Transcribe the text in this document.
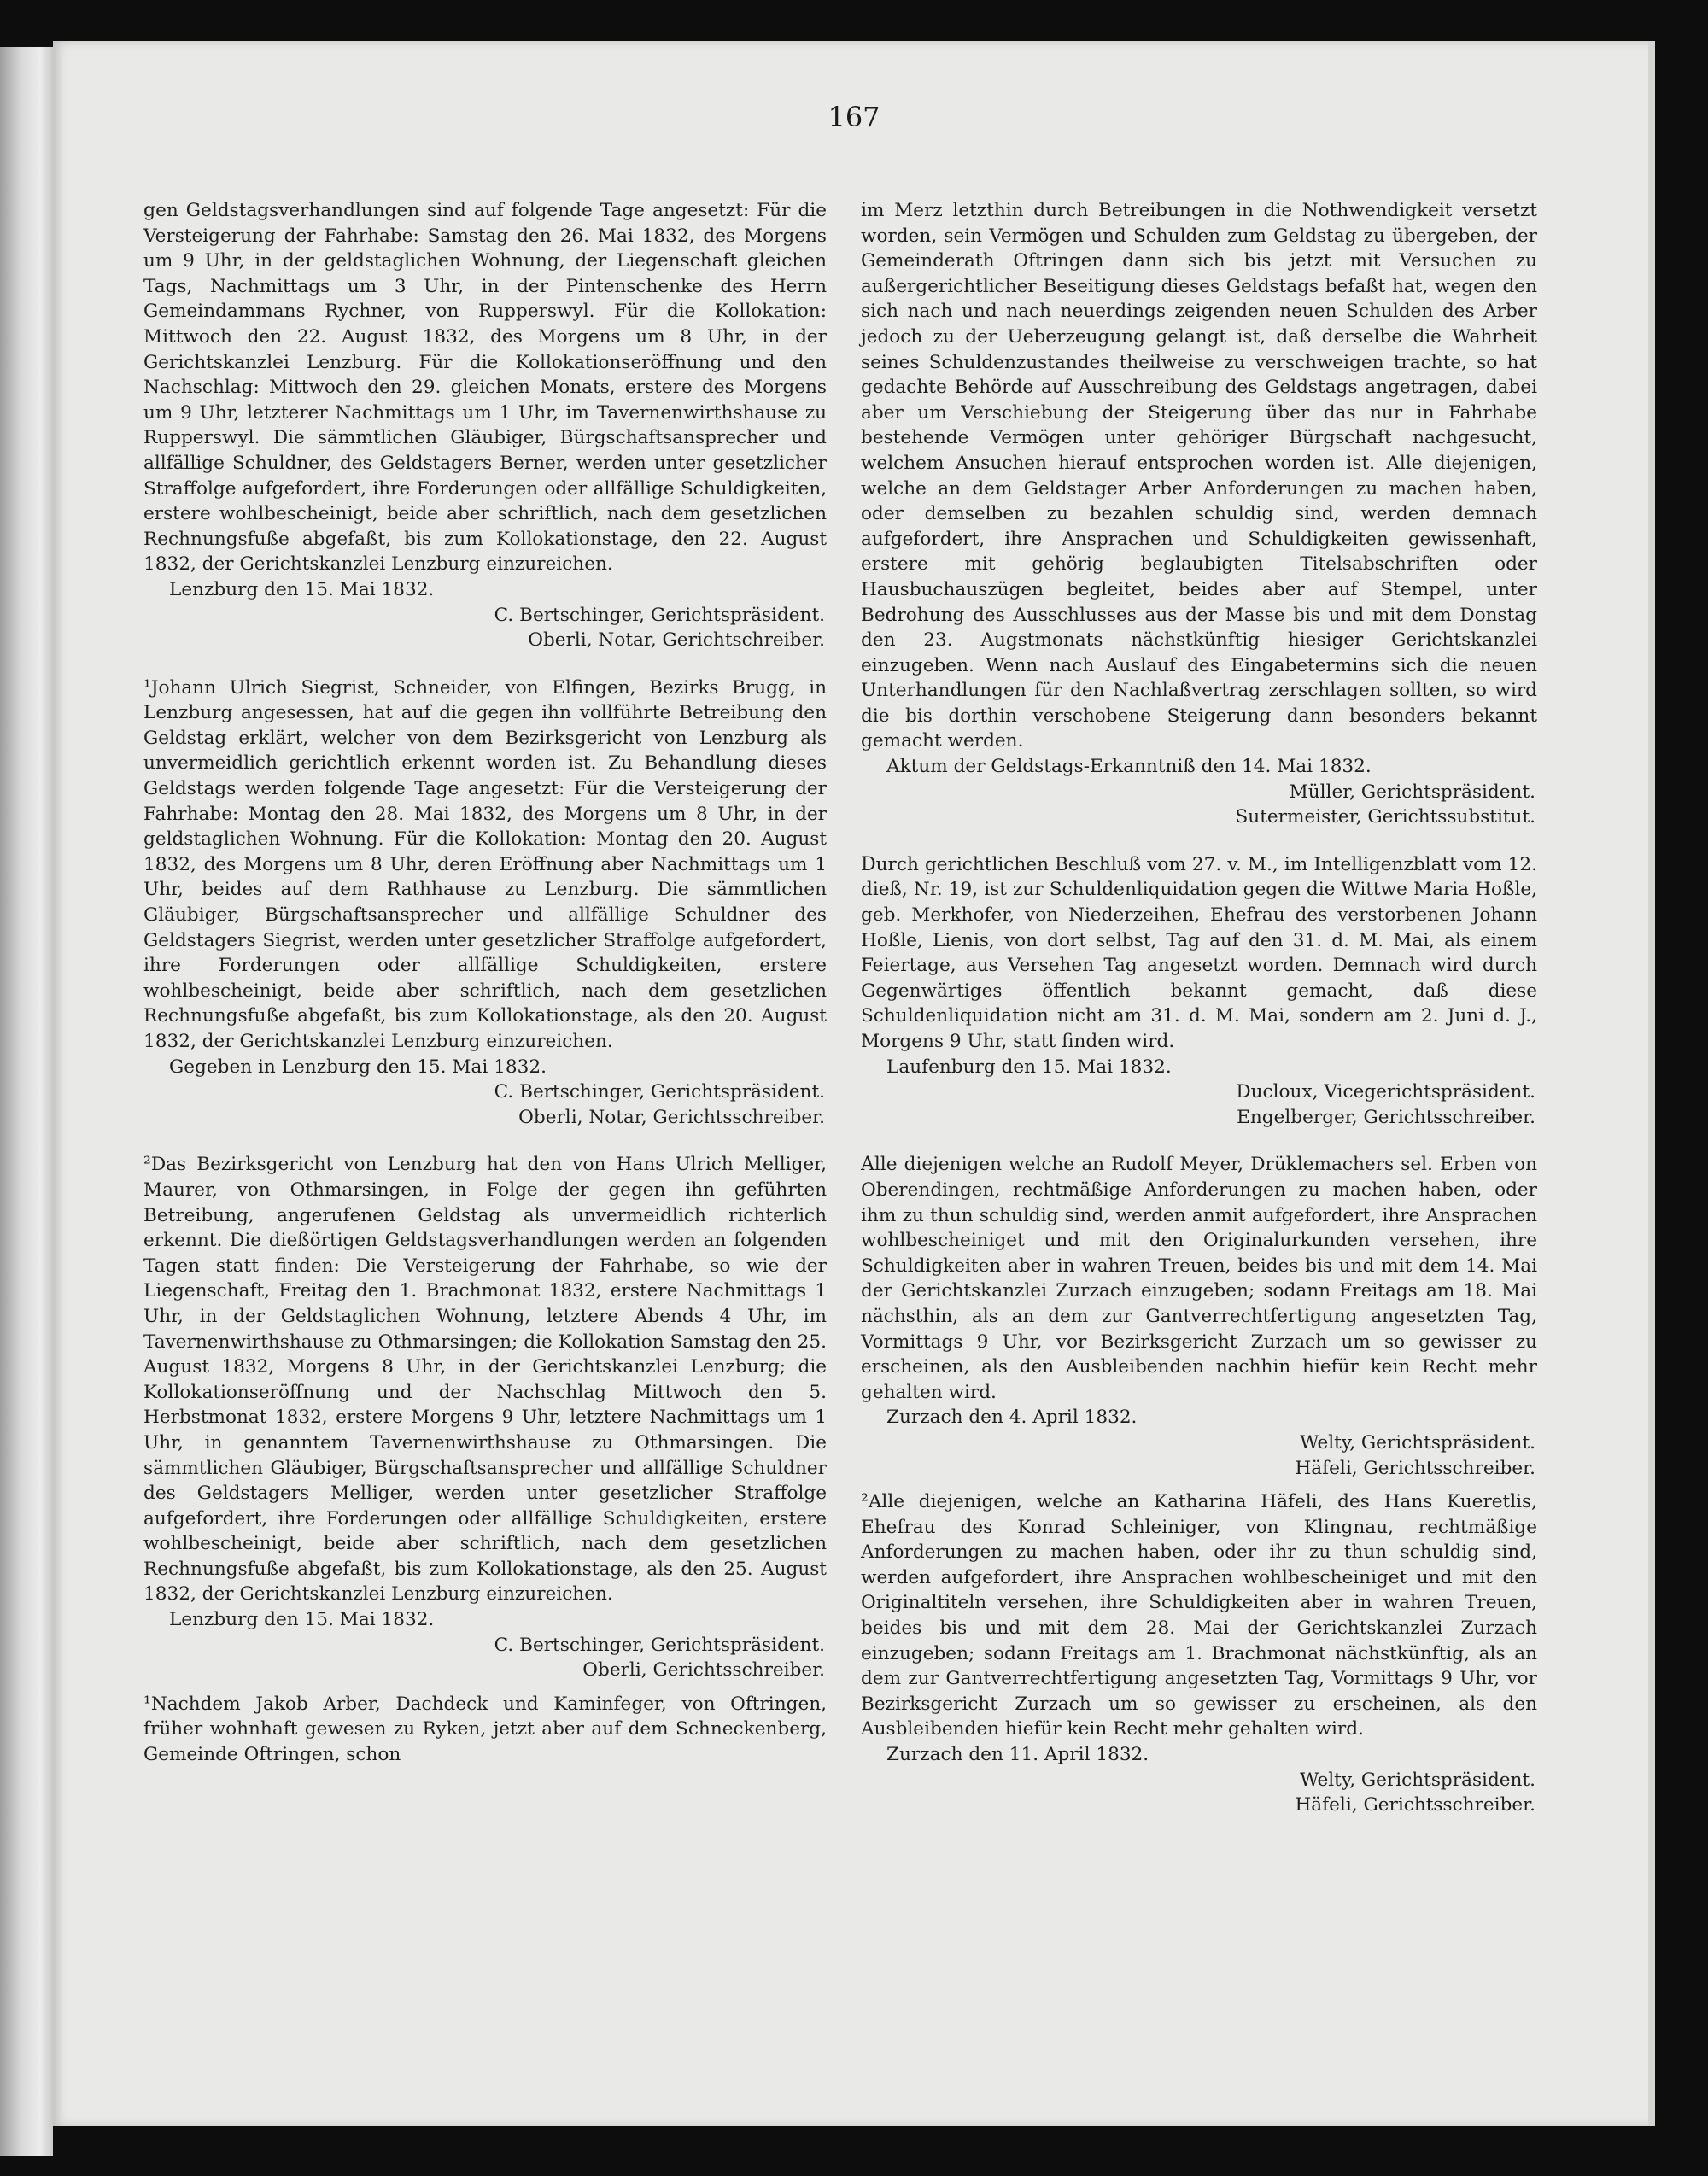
167

gen Geldstagsverhandlungen sind auf folgende Tage angesetzt: Für die Versteigerung der Fahrhabe: Samstag den 26. Mai 1832, des Morgens um 9 Uhr, in der geldstaglichen Wohnung, der Liegenschaft gleichen Tags, Nachmittags um 3 Uhr, in der Pintenschenke des Herrn Gemeindammans Rychner, von Rupperswyl. Für die Kollokation: Mittwoch den 22. August 1832, des Morgens um 8 Uhr, in der Gerichtskanzlei Lenzburg. Für die Kollokationseröffnung und den Nachschlag: Mittwoch den 29. gleichen Monats, erstere des Morgens um 9 Uhr, letzterer Nachmittags um 1 Uhr, im Tavernenwirthshause zu Rupperswyl. Die sämmtlichen Gläubiger, Bürgschaftsansprecher und allfällige Schuldner, des Geldstagers Berner, werden unter gesetzlicher Straffolge aufgefordert, ihre Forderungen oder allfällige Schuldigkeiten, erstere wohlbescheinigt, beide aber schriftlich, nach dem gesetzlichen Rechnungsfuße abgefaßt, bis zum Kollokationstage, den 22. August 1832, der Gerichtskanzlei Lenzburg einzureichen.

Lenzburg den 15. Mai 1832.

C. Bertschinger, Gerichtspräsident.

Oberli, Notar, Gerichtschreiber.

¹Johann Ulrich Siegrist, Schneider, von Elfingen, Bezirks Brugg, in Lenzburg angesessen, hat auf die gegen ihn vollführte Betreibung den Geldstag erklärt, welcher von dem Bezirksgericht von Lenzburg als unvermeidlich gerichtlich erkennt worden ist. Zu Behandlung dieses Geldstags werden folgende Tage angesetzt: Für die Versteigerung der Fahrhabe: Montag den 28. Mai 1832, des Morgens um 8 Uhr, in der geldstaglichen Wohnung. Für die Kollokation: Montag den 20. August 1832, des Morgens um 8 Uhr, deren Eröffnung aber Nachmittags um 1 Uhr, beides auf dem Rathhause zu Lenzburg. Die sämmtlichen Gläubiger, Bürgschaftsansprecher und allfällige Schuldner des Geldstagers Siegrist, werden unter gesetzlicher Straffolge aufgefordert, ihre Forderungen oder allfällige Schuldigkeiten, erstere wohlbescheinigt, beide aber schriftlich, nach dem gesetzlichen Rechnungsfuße abgefaßt, bis zum Kollokationstage, als den 20. August 1832, der Gerichtskanzlei Lenzburg einzureichen.

Gegeben in Lenzburg den 15. Mai 1832.

C. Bertschinger, Gerichtspräsident.

Oberli, Notar, Gerichtsschreiber.

²Das Bezirksgericht von Lenzburg hat den von Hans Ulrich Melliger, Maurer, von Othmarsingen, in Folge der gegen ihn geführten Betreibung, angerufenen Geldstag als unvermeidlich richterlich erkennt. Die dießörtigen Geldstagsverhandlungen werden an folgenden Tagen statt finden: Die Versteigerung der Fahrhabe, so wie der Liegenschaft, Freitag den 1. Brachmonat 1832, erstere Nachmittags 1 Uhr, in der Geldstaglichen Wohnung, letztere Abends 4 Uhr, im Tavernenwirthshause zu Othmarsingen; die Kollokation Samstag den 25. August 1832, Morgens 8 Uhr, in der Gerichtskanzlei Lenzburg; die Kollokationseröffnung und der Nachschlag Mittwoch den 5. Herbstmonat 1832, erstere Morgens 9 Uhr, letztere Nachmittags um 1 Uhr, in genanntem Tavernenwirthshause zu Othmarsingen. Die sämmtlichen Gläubiger, Bürgschaftsansprecher und allfällige Schuldner des Geldstagers Melliger, werden unter gesetzlicher Straffolge aufgefordert, ihre Forderungen oder allfällige Schuldigkeiten, erstere wohlbescheinigt, beide aber schriftlich, nach dem gesetzlichen Rechnungsfuße abgefaßt, bis zum Kollokationstage, als den 25. August 1832, der Gerichtskanzlei Lenzburg einzureichen.

Lenzburg den 15. Mai 1832.

C. Bertschinger, Gerichtspräsident.

Oberli, Gerichtsschreiber.

¹Nachdem Jakob Arber, Dachdeck und Kaminfeger, von Oftringen, früher wohnhaft gewesen zu Ryken, jetzt aber auf dem Schneckenberg, Gemeinde Oftringen, schon

im Merz letzthin durch Betreibungen in die Nothwendigkeit versetzt worden, sein Vermögen und Schulden zum Geldstag zu übergeben, der Gemeinderath Oftringen dann sich bis jetzt mit Versuchen zu außergerichtlicher Beseitigung dieses Geldstags befaßt hat, wegen den sich nach und nach neuerdings zeigenden neuen Schulden des Arber jedoch zu der Ueberzeugung gelangt ist, daß derselbe die Wahrheit seines Schuldenzustandes theilweise zu verschweigen trachte, so hat gedachte Behörde auf Ausschreibung des Geldstags angetragen, dabei aber um Verschiebung der Steigerung über das nur in Fahrhabe bestehende Vermögen unter gehöriger Bürgschaft nachgesucht, welchem Ansuchen hierauf entsprochen worden ist. Alle diejenigen, welche an dem Geldstager Arber Anforderungen zu machen haben, oder demselben zu bezahlen schuldig sind, werden demnach aufgefordert, ihre Ansprachen und Schuldigkeiten gewissenhaft, erstere mit gehörig beglaubigten Titelsabschriften oder Hausbuchauszügen begleitet, beides aber auf Stempel, unter Bedrohung des Ausschlusses aus der Masse bis und mit dem Donstag den 23. Augstmonats nächstkünftig hiesiger Gerichtskanzlei einzugeben. Wenn nach Auslauf des Eingabetermins sich die neuen Unterhandlungen für den Nachlaßvertrag zerschlagen sollten, so wird die bis dorthin verschobene Steigerung dann besonders bekannt gemacht werden.

Aktum der Geldstags-Erkanntniß den 14. Mai 1832.

Müller, Gerichtspräsident.

Sutermeister, Gerichtssubstitut.

Durch gerichtlichen Beschluß vom 27. v. M., im Intelligenzblatt vom 12. dieß, Nr. 19, ist zur Schuldenliquidation gegen die Wittwe Maria Hoßle, geb. Merkhofer, von Niederzeihen, Ehefrau des verstorbenen Johann Hoßle, Lienis, von dort selbst, Tag auf den 31. d. M. Mai, als einem Feiertage, aus Versehen Tag angesetzt worden. Demnach wird durch Gegenwärtiges öffentlich bekannt gemacht, daß diese Schuldenliquidation nicht am 31. d. M. Mai, sondern am 2. Juni d. J., Morgens 9 Uhr, statt finden wird.

Laufenburg den 15. Mai 1832.

Ducloux, Vicegerichtspräsident.

Engelberger, Gerichtsschreiber.

Alle diejenigen welche an Rudolf Meyer, Drüklemachers sel. Erben von Oberendingen, rechtmäßige Anforderungen zu machen haben, oder ihm zu thun schuldig sind, werden anmit aufgefordert, ihre Ansprachen wohlbescheiniget und mit den Originalurkunden versehen, ihre Schuldigkeiten aber in wahren Treuen, beides bis und mit dem 14. Mai der Gerichtskanzlei Zurzach einzugeben; sodann Freitags am 18. Mai nächsthin, als an dem zur Gantverrechtfertigung angesetzten Tag, Vormittags 9 Uhr, vor Bezirksgericht Zurzach um so gewisser zu erscheinen, als den Ausbleibenden nachhin hiefür kein Recht mehr gehalten wird.

Zurzach den 4. April 1832.

Welty, Gerichtspräsident.

Häfeli, Gerichtsschreiber.

²Alle diejenigen, welche an Katharina Häfeli, des Hans Kueretlis, Ehefrau des Konrad Schleiniger, von Klingnau, rechtmäßige Anforderungen zu machen haben, oder ihr zu thun schuldig sind, werden aufgefordert, ihre Ansprachen wohlbescheiniget und mit den Originaltiteln versehen, ihre Schuldigkeiten aber in wahren Treuen, beides bis und mit dem 28. Mai der Gerichtskanzlei Zurzach einzugeben; sodann Freitags am 1. Brachmonat nächstkünftig, als an dem zur Gantverrechtfertigung angesetzten Tag, Vormittags 9 Uhr, vor Bezirksgericht Zurzach um so gewisser zu erscheinen, als den Ausbleibenden hiefür kein Recht mehr gehalten wird.

Zurzach den 11. April 1832.

Welty, Gerichtspräsident.

Häfeli, Gerichtsschreiber.
